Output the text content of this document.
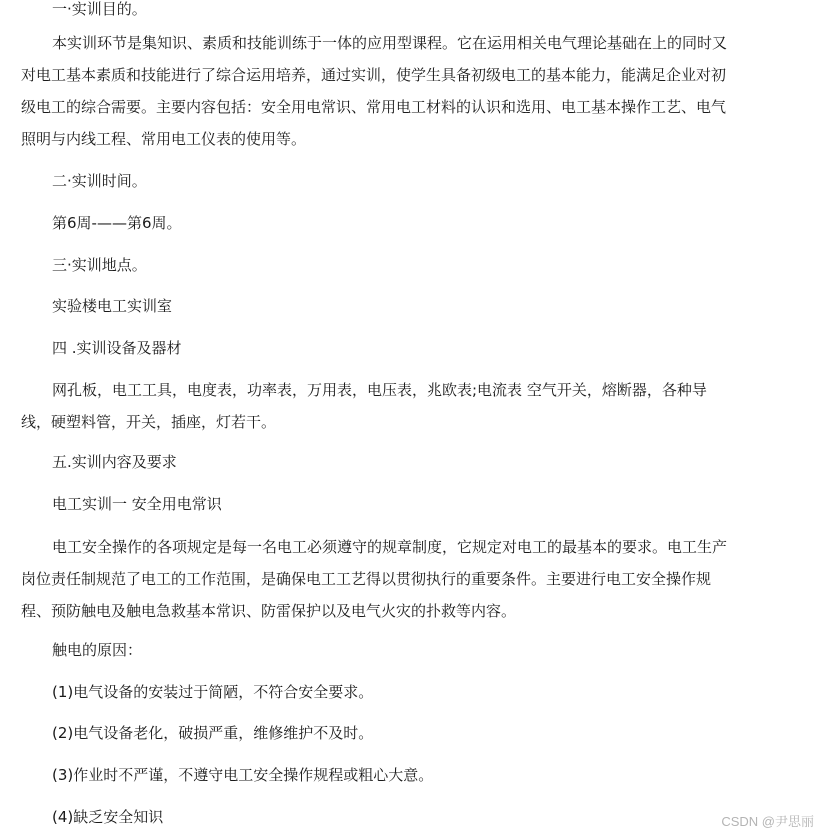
一·实训目的。

本实训环节是集知识、素质和技能训练于一体的应用型课程。它在运用相关电气理论基础在上的同时又

对电工基本素质和技能进行了综合运用培养，通过实训，使学生具备初级电工的基本能力，能满足企业对初

级电工的综合需要。主要内容包括：安全用电常识、常用电工材料的认识和选用、电工基本操作工艺、电气

照明与内线工程、常用电工仪表的使用等。

二·实训时间。

第6周-——第6周。

三·实训地点。

实验楼电工实训室

四 .实训设备及器材

网孔板，电工工具，电度表，功率表，万用表，电压表，兆欧表;电流表 空气开关，熔断器，各种导

线，硬塑料管，开关，插座，灯若干。

五.实训内容及要求

电工实训一 安全用电常识

电工安全操作的各项规定是每一名电工必须遵守的规章制度，它规定对电工的最基本的要求。电工生产

岗位责任制规范了电工的工作范围，是确保电工工艺得以贯彻执行的重要条件。主要进行电工安全操作规

程、预防触电及触电急救基本常识、防雷保护以及电气火灾的扑救等内容。

触电的原因：

(1)电气设备的安装过于简陋，不符合安全要求。

(2)电气设备老化，破损严重，维修维护不及时。

(3)作业时不严谨，不遵守电工安全操作规程或粗心大意。

(4)缺乏安全知识	CSDN @尹思丽
